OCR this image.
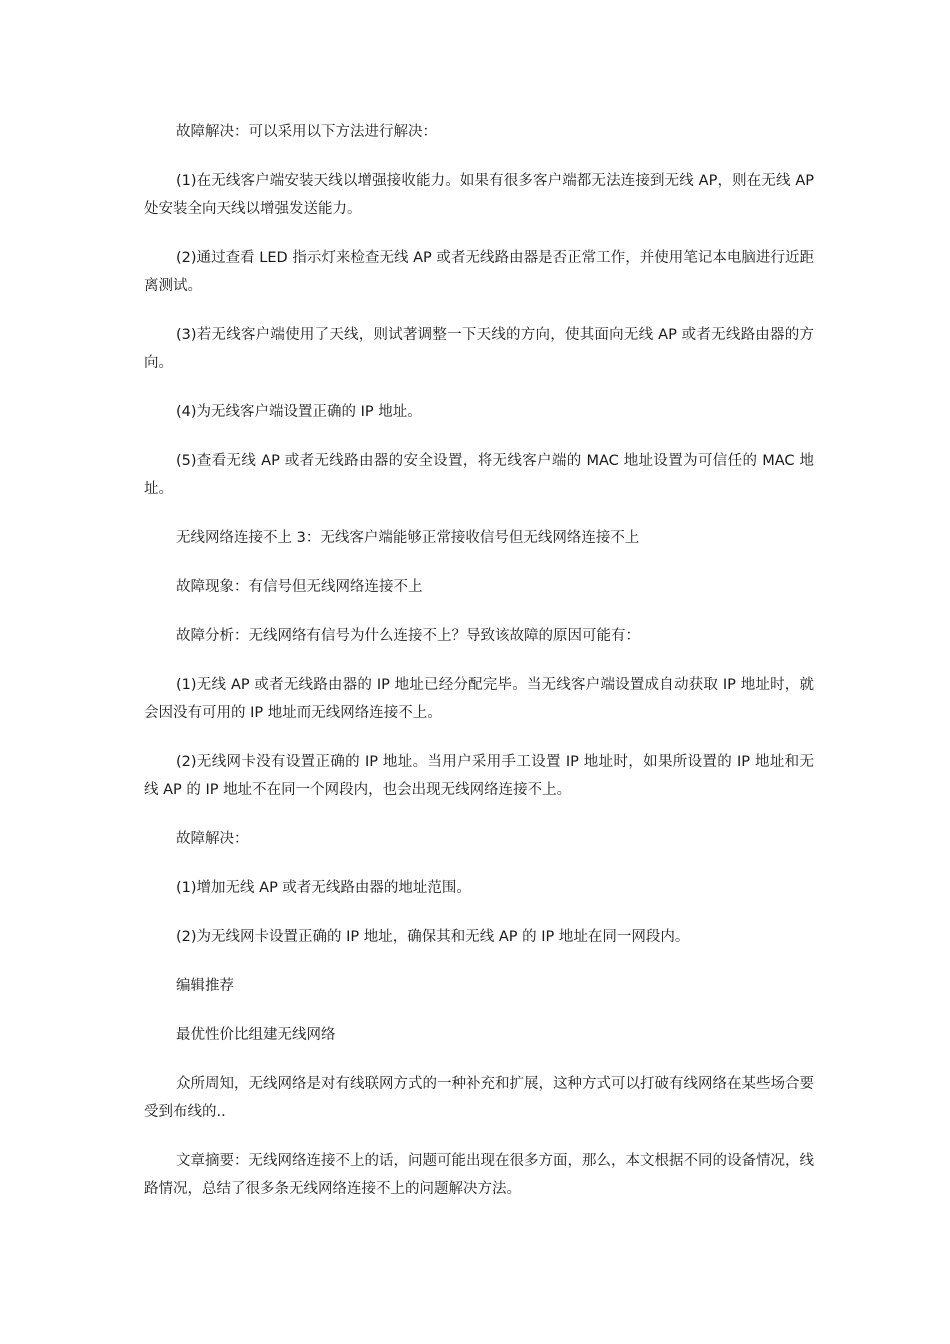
故障解决：可以采用以下方法进行解决：

(1)在无线客户端安装天线以增强接收能力。如果有很多客户端都无法连接到无线 AP，则在无线 AP 处安装全向天线以增强发送能力。

(2)通过查看 LED 指示灯来检查无线 AP 或者无线路由器是否正常工作，并使用笔记本电脑进行近距离测试。

(3)若无线客户端使用了天线，则试著调整一下天线的方向，使其面向无线 AP 或者无线路由器的方向。

(4)为无线客户端设置正确的 IP 地址。

(5)查看无线 AP 或者无线路由器的安全设置，将无线客户端的 MAC 地址设置为可信任的 MAC 地址。

无线网络连接不上 3：无线客户端能够正常接收信号但无线网络连接不上

故障现象：有信号但无线网络连接不上

故障分析：无线网络有信号为什么连接不上？导致该故障的原因可能有：

(1)无线 AP 或者无线路由器的 IP 地址已经分配完毕。当无线客户端设置成自动获取 IP 地址时，就会因没有可用的 IP 地址而无线网络连接不上。

(2)无线网卡没有设置正确的 IP 地址。当用户采用手工设置 IP 地址时，如果所设置的 IP 地址和无线 AP 的 IP 地址不在同一个网段内，也会出现无线网络连接不上。

故障解决：

(1)增加无线 AP 或者无线路由器的地址范围。

(2)为无线网卡设置正确的 IP 地址，确保其和无线 AP 的 IP 地址在同一网段内。

编辑推荐

最优性价比组建无线网络

众所周知，无线网络是对有线联网方式的一种补充和扩展，这种方式可以打破有线网络在某些场合要受到布线的..

文章摘要：无线网络连接不上的话，问题可能出现在很多方面，那么，本文根据不同的设备情况，线路情况，总结了很多条无线网络连接不上的问题解决方法。
